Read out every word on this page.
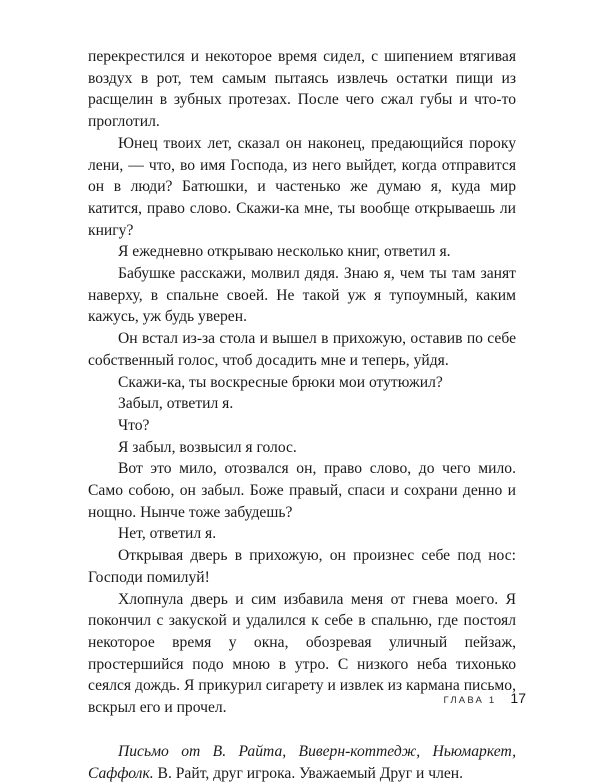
перекрестился и некоторое время сидел, с шипением втягивая воздух в рот, тем самым пытаясь извлечь остатки пищи из расщелин в зубных протезах. После чего сжал губы и что-то проглотил.

Юнец твоих лет, сказал он наконец, предающийся пороку лени, — что, во имя Господа, из него выйдет, когда отправится он в люди? Батюшки, и частенько же думаю я, куда мир катится, право слово. Скажи-ка мне, ты вообще открываешь ли книгу?

Я ежедневно открываю несколько книг, ответил я.

Бабушке расскажи, молвил дядя. Знаю я, чем ты там занят наверху, в спальне своей. Не такой уж я тупоумный, каким кажусь, уж будь уверен.

Он встал из-за стола и вышел в прихожую, оставив по себе собственный голос, чтоб досадить мне и теперь, уйдя.

Скажи-ка, ты воскресные брюки мои отутюжил?

Забыл, ответил я.

Что?

Я забыл, возвысил я голос.

Вот это мило, отозвался он, право слово, до чего мило. Само собою, он забыл. Боже правый, спаси и сохрани денно и нощно. Нынче тоже забудешь?

Нет, ответил я.

Открывая дверь в прихожую, он произнес себе под нос: Господи помилуй!

Хлопнула дверь и сим избавила меня от гнева моего. Я покончил с закуской и удалился к себе в спальню, где постоял некоторое время у окна, обозревая уличный пейзаж, простершийся подо мною в утро. С низкого неба тихонько сеялся дождь. Я прикурил сигарету и извлек из кармана письмо, вскрыл его и прочел.

Письмо от В. Райта, Виверн-коттедж, Ньюмаркет, Саффолк. В. Райт, друг игрока. Уважаемый Друг и член.

ГЛАВА 1 17
